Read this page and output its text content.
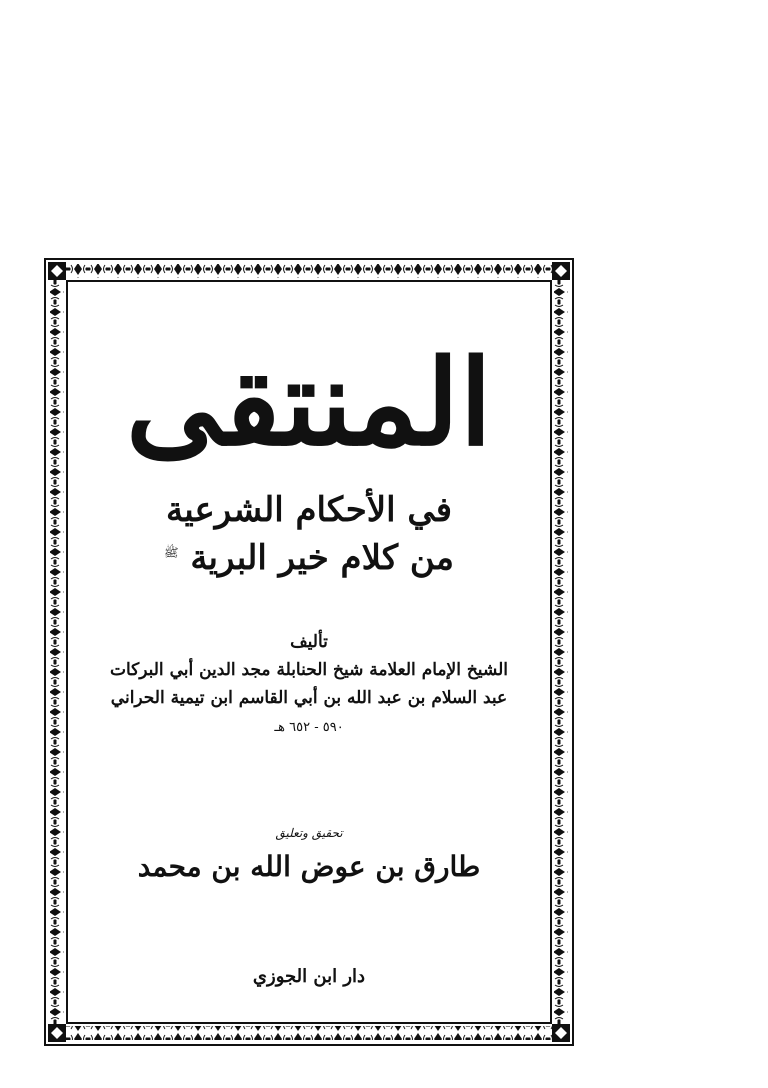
المنتقى
في الأحكام الشرعية
من كلام خير البرية $^ﷺ$
تأليف
الشيخ الإمام العلامة شيخ الحنابلة مجد الدين أبي البركات
عبد السلام بن عبد الله بن أبي القاسم ابن تيمية الحراني
٥٩٠ - ٦٥٢ هـ
تحقيق وتعليق
طارق بن عوض الله بن محمد
دار ابن الجوزي
